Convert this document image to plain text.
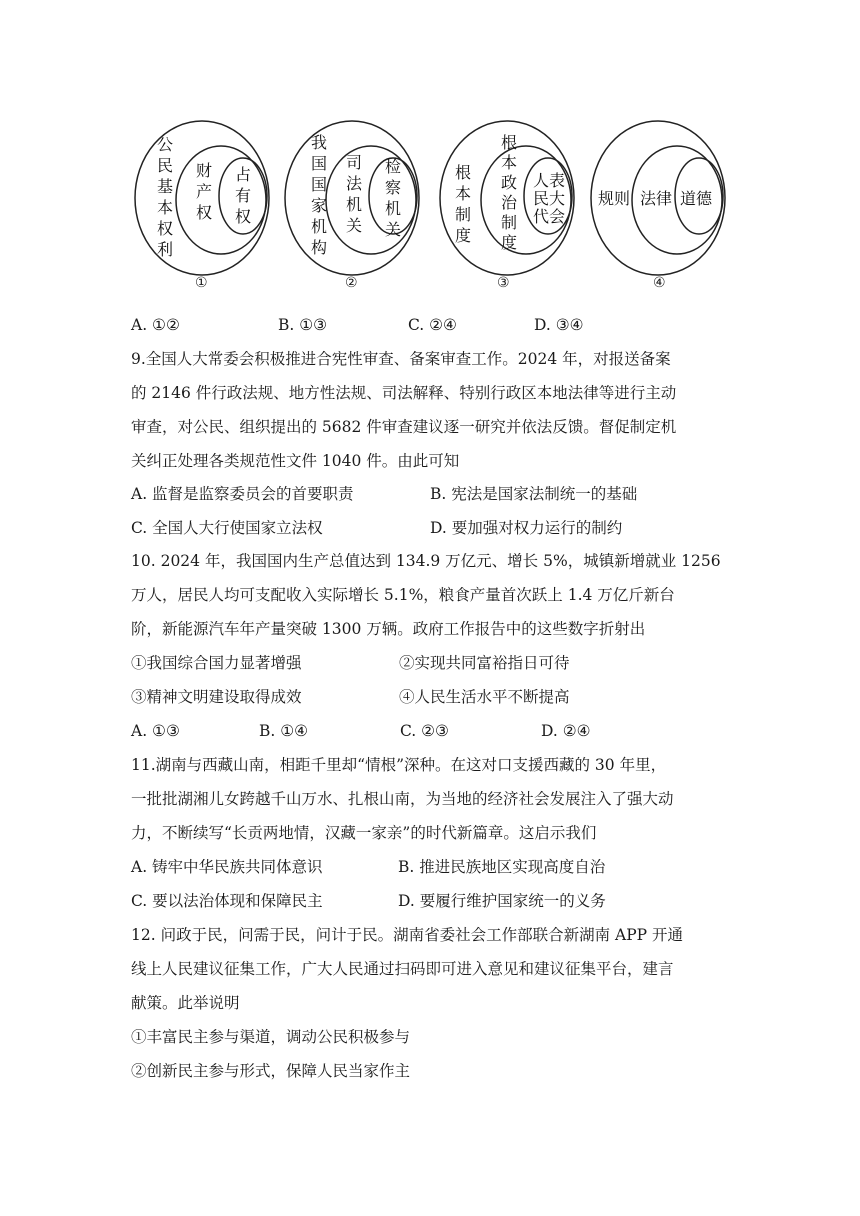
①
公
民
基
本
权
利
财
产
权
占
有
权
②
我
国
国
家
机
构
司
法
机
关
检
察
机
关
③
根
本
制
度
根
本
政
治
制
度
人
民
代
表
大
会
规则 法律 道德
④
A. ①②	B. ①③	C. ②④	D. ③④
9.全国人大常委会积极推进合宪性审查、备案审查工作。2024 年，对报送备案
的 2146 件行政法规、地方性法规、司法解释、特别行政区本地法律等进行主动
审查，对公民、组织提出的 5682 件审查建议逐一研究并依法反馈。督促制定机
关纠正处理各类规范性文件 1040 件。由此可知
A. 监督是监察委员会的首要职责	B. 宪法是国家法制统一的基础
C. 全国人大行使国家立法权	D. 要加强对权力运行的制约
10. 2024 年，我国国内生产总值达到 134.9 万亿元、增长 5%，城镇新增就业 1256
万人，居民人均可支配收入实际增长 5.1%，粮食产量首次跃上 1.4 万亿斤新台
阶，新能源汽车年产量突破 1300 万辆。政府工作报告中的这些数字折射出
①我国综合国力显著增强	②实现共同富裕指日可待
③精神文明建设取得成效	④人民生活水平不断提高
A. ①③	B. ①④	C. ②③	D. ②④
11.湖南与西藏山南，相距千里却“情根”深种。在这对口支援西藏的 30 年里，
一批批湖湘儿女跨越千山万水、扎根山南，为当地的经济社会发展注入了强大动
力，不断续写“长贡两地情，汉藏一家亲”的时代新篇章。这启示我们
A. 铸牢中华民族共同体意识	B. 推进民族地区实现高度自治
C. 要以法治体现和保障民主	D. 要履行维护国家统一的义务
12. 问政于民，问需于民，问计于民。湖南省委社会工作部联合新湖南 APP 开通
线上人民建议征集工作，广大人民通过扫码即可进入意见和建议征集平台，建言
献策。此举说明
①丰富民主参与渠道，调动公民积极参与
②创新民主参与形式，保障人民当家作主
